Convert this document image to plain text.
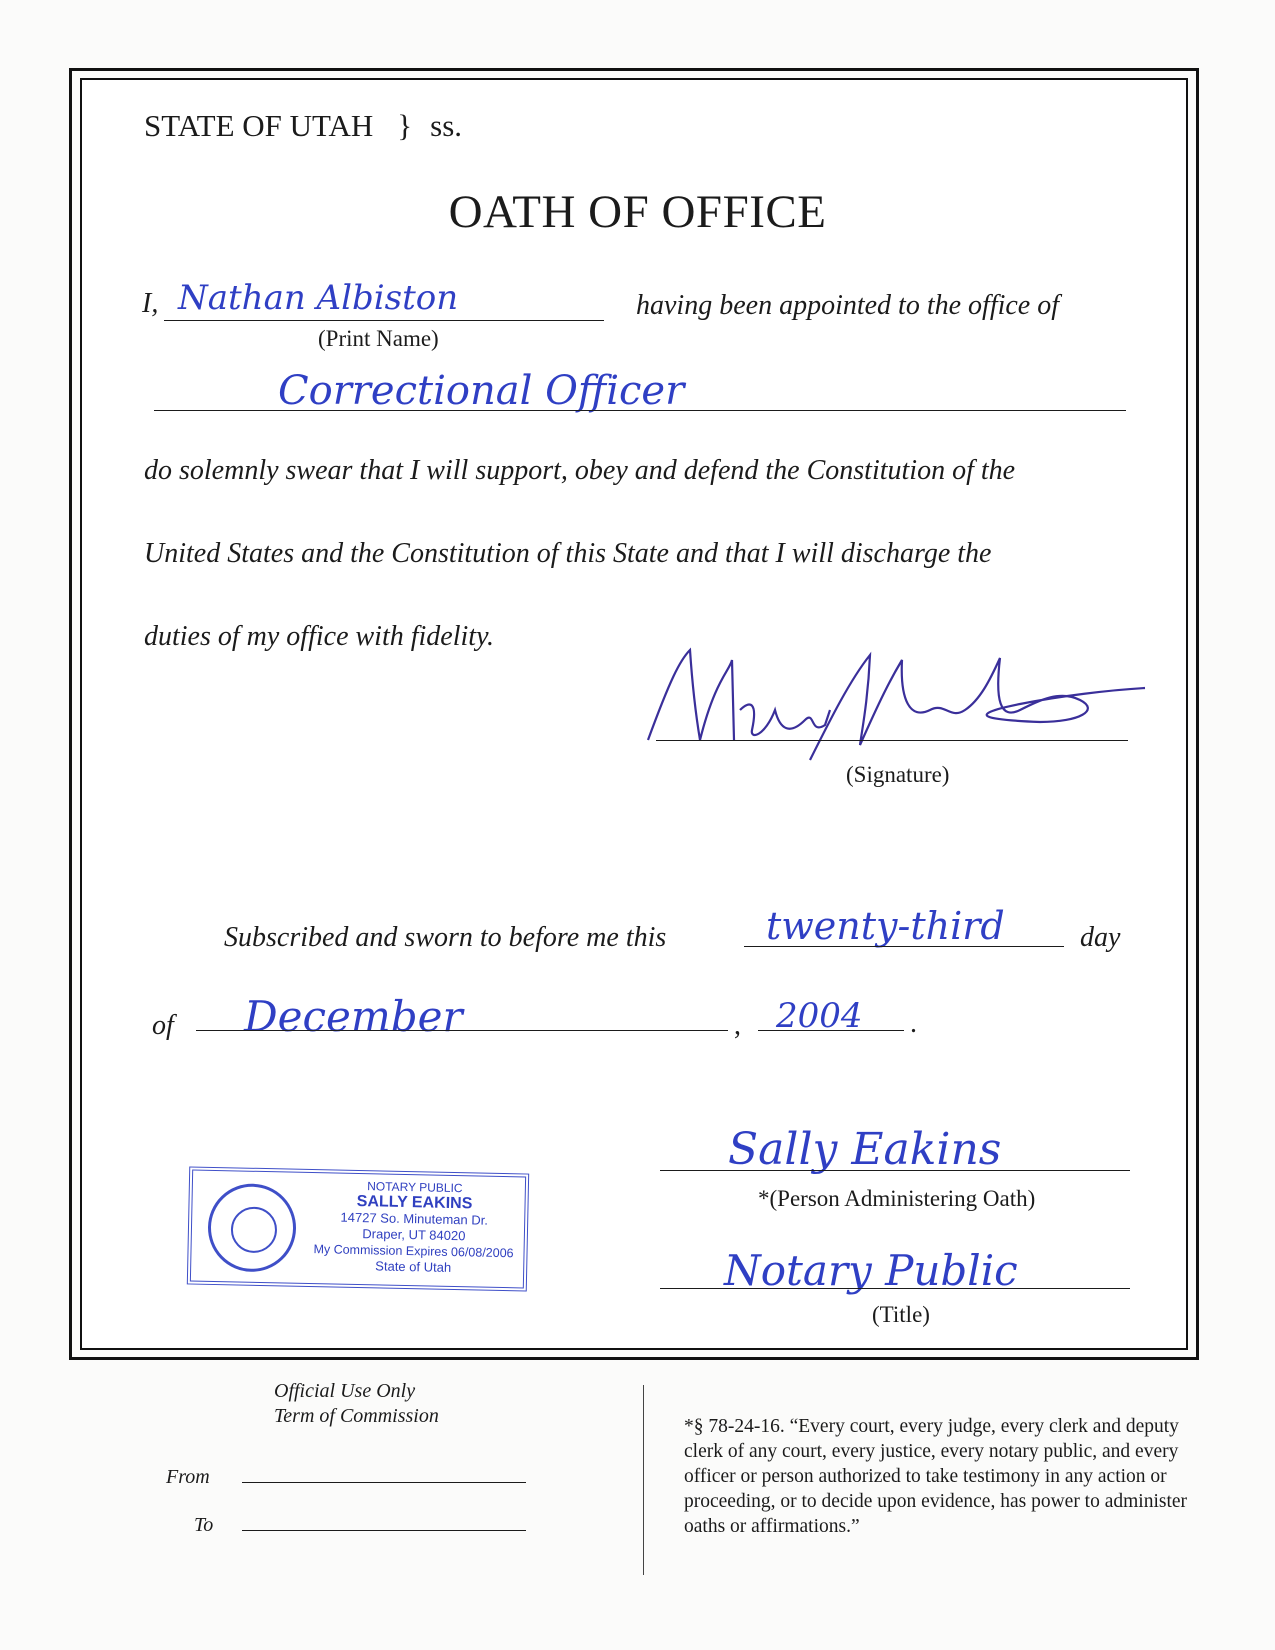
STATE OF UTAH } ss.
OATH OF OFFICE
I, Nathan Albiston
(Print Name)
having been appointed to the office of
Correctional Officer
do solemnly swear that I will support, obey and defend the Constitution of the
United States and the Constitution of this State and that I will discharge the
duties of my office with fidelity.
(Signature)
Subscribed and sworn to before me this	twenty-third	day
of December	, 2004 .
Sally Eakins
*(Person Administering Oath)
Notary Public
(Title)
NOTARY PUBLIC
SALLY EAKINS
14727 So. Minuteman Dr.
Draper, UT 84020
My Commission Expires 06/08/2006
State of Utah
Official Use Only
Term of Commission
From
To
*§ 78-24-16. “Every court, every judge, every clerk and deputy clerk of any court, every justice, every notary public, and every officer or person authorized to take testimony in any action or proceeding, or to decide upon evidence, has power to administer oaths or affirmations.”
